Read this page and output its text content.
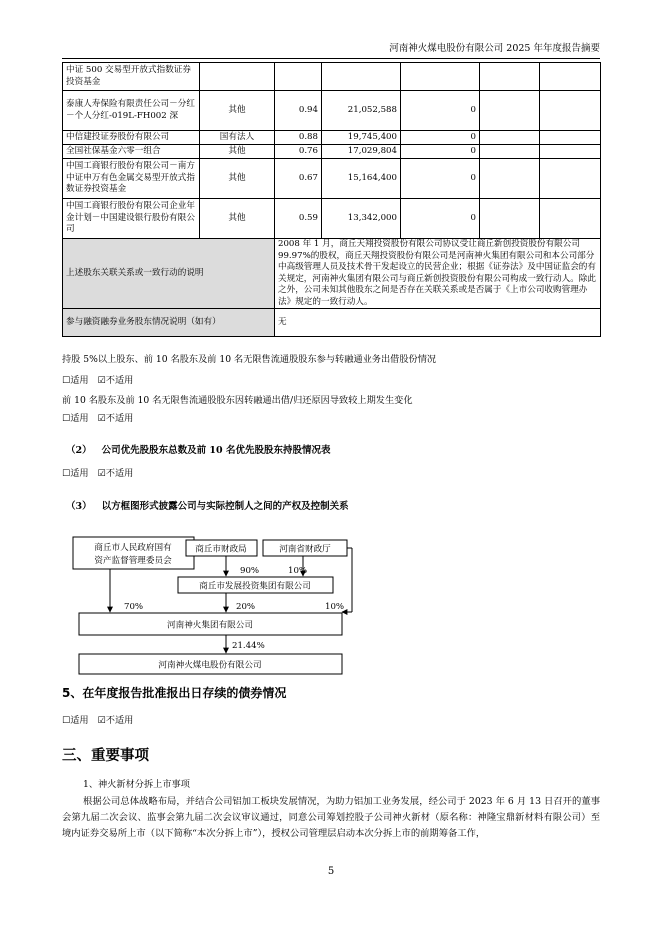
河南神火煤电股份有限公司 2025 年年度报告摘要
中证 500 交易型开放式指数证券投资基金						
泰康人寿保险有限责任公司－分红－个人分红-019L-FH002 深	其他	0.94	21,052,588	0		
中信建投证券股份有限公司	国有法人	0.88	19,745,400	0		
全国社保基金六零一组合	其他	0.76	17,029,804	0		
中国工商银行股份有限公司－南方中证申万有色金属交易型开放式指数证券投资基金	其他	0.67	15,164,400	0		
中国工商银行股份有限公司企业年金计划－中国建设银行股份有限公司	其他	0.59	13,342,000	0		
上述股东关联关系或一致行动的说明		2008 年 1 月，商丘天翔投资股份有限公司协议受让商丘新创投资股份有限公司 99.97%的股权，商丘天翔投资股份有限公司是河南神火集团有限公司和本公司部分中高级管理人员及技术骨干发起设立的民营企业；根据《证券法》及中国证监会的有关规定，河南神火集团有限公司与商丘新创投资股份有限公司构成一致行动人。除此之外，公司未知其他股东之间是否存在关联关系或是否属于《上市公司收购管理办法》规定的一致行动人。				
参与融资融券业务股东情况说明（如有）		无				
持股 5%以上股东、前 10 名股东及前 10 名无限售流通股股东参与转融通业务出借股份情况
☐适用 ☑不适用
前 10 名股东及前 10 名无限售流通股股东因转融通出借/归还原因导致较上期发生变化
☐适用 ☑不适用
（2） 公司优先股股东总数及前 10 名优先股股东持股情况表
☐适用 ☑不适用
（3） 以方框图形式披露公司与实际控制人之间的产权及控制关系
商丘市人民政府国有
资产监督管理委员会
商丘市财政局	河南省财政厅
商丘市发展投资集团有限公司
河南神火集团有限公司
河南神火煤电股份有限公司
90%	10%
70%	20%	10%
21.44%
5、在年度报告批准报出日存续的债券情况
☐适用 ☑不适用
三、重要事项
1、神火新材分拆上市事项
根据公司总体战略布局，并结合公司铝加工板块发展情况，为助力铝加工业务发展，经公司于 2023 年 6 月 13 日召开的董事会第九届二次会议、监事会第九届二次会议审议通过，同意公司筹划控股子公司神火新材（原名称：神隆宝鼎新材料有限公司）至境内证券交易所上市（以下简称“本次分拆上市”），授权公司管理层启动本次分拆上市的前期筹备工作，
5
